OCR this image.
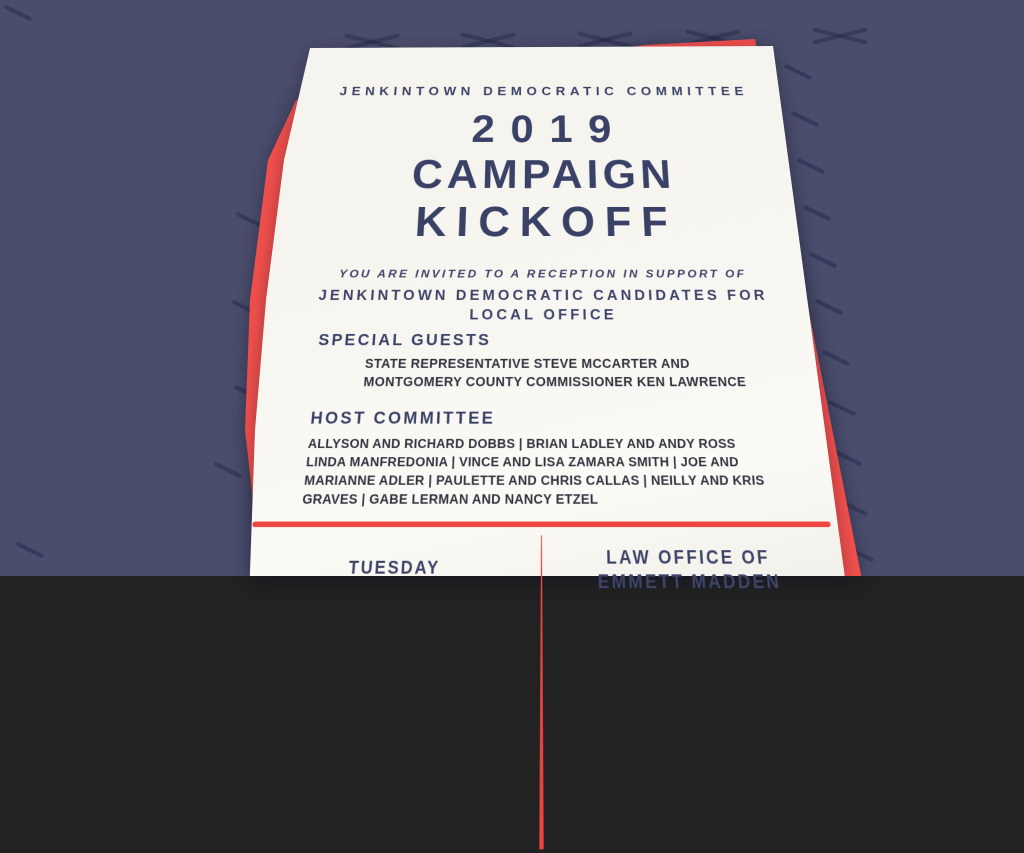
JENKINTOWN DEMOCRATIC COMMITTEE
2019
CAMPAIGN
KICKOFF
YOU ARE INVITED TO A RECEPTION IN SUPPORT OF
JENKINTOWN DEMOCRATIC CANDIDATES FOR
LOCAL OFFICE
SPECIAL GUESTS
STATE REPRESENTATIVE STEVE MCCARTER AND
MONTGOMERY COUNTY COMMISSIONER KEN LAWRENCE
HOST COMMITTEE
ALLYSON AND RICHARD DOBBS | BRIAN LADLEY AND ANDY ROSS
LINDA MANFREDONIA | VINCE AND LISA ZAMARA SMITH | JOE AND
MARIANNE ADLER | PAULETTE AND CHRIS CALLAS | NEILLY AND KRIS
GRAVES | GABE LERMAN AND NANCY ETZEL
TUESDAY	LAW OFFICE OF
EMMETT MADDEN
